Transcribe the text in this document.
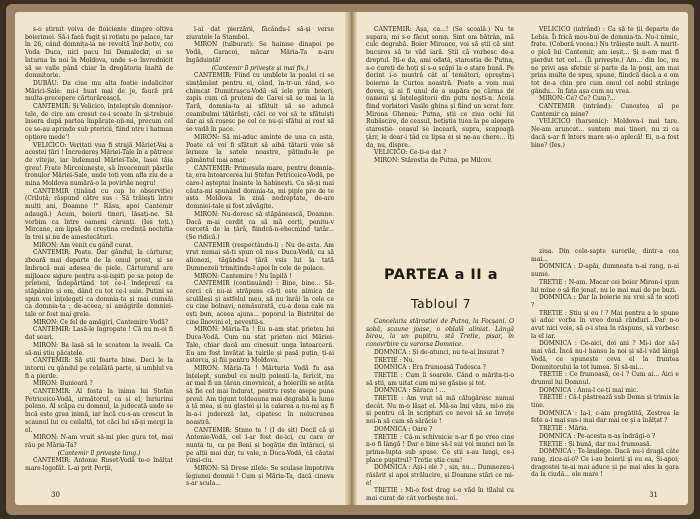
s-o știrnit voiva de fioiciente dimpre oltiva boierimei. Să-i facă fugit și roțistu pe palace, tar în 26, când domnița-ia ne revoltă înir-botiv, coi Voda Duca, nici pacu lui Demaleckr, ei se înturna în noi în Moldova, unde s-o învrednicit să se valle până chiar în dregătoria înaltă de domnitorie.

DUBĂU: Da ciue mu alta foatie indalicitor Mărici-Sale: mi-i huat mai de je, faură pră multa-precepere cărturărească.

CANTEMIR: Și Velicico, înțeleptule domnișor-tale, de cire am cresut ce-i scoate în și-trebuie însera după partea împărațe-nii-mi, precum cel ce se-au aprinde sub ptericii, fiind ntre i hatman optiore mede'!

VELICICO: Veritati vua fi strajă Măriet-Vai a acestei țări ! Încredereș Măriei-Tale în a pătrece de vitejie, iar îndemnul Măriei-Tale, lasei tăia greu! Frate Mircoiunește, să învecenuit păsrile tronulor Măriei-Sale, unde toți vom afla ziu de a mina Moldova numără-o la povirtăe negru!

CANTEMIR (ținând cu cap lo observiție) (Criluță; răspund către sus : Să trăiești între mulți ani, Doamne !" Râsu, apoi Cantemir adaugă.) Acum, boierii tineri, lăsați-ne. Să vorbim ca între oameni cârunți. (Ies toți.) Mircane, am lipsă de creștina credință nechitia în trei și nu de amestecături.

MIRON: Am venit cu gând curat.

CANTEMIR: Poate. Dar gândul, la cârturar, zboară mai departe de la omul prost, și se îmbracă mai adesea de piele. Cărturarul are mijloace sigure pentru a-și-ispiti pe sa poiop de prieteni, îndepărtând tot ce-l îndeprezi ca stăpânire și om, dând cu tot ce-l suie. Putini se spun voi înțelegeți ca domnia-ta și mai cumsăi ca domnia-ta ; de-aceea, și amăgirile domniei-tale or fost mai grele.

MIRON: Ce fel de amăgiri, Cantemire Vodă?

CANTEMIR: Lasă-le îngropate ! Că nu m-oi fi dat seari.

MIRON: Ba lasă să le scoatem la iveală. Ca să-mi știu păcatele.

CANTEMIR: Să știi foarte bine. Deci le la intorni cu gândul pe celalătă parte, și umblul va fi a pierde.

MIRON: Bunioară ?

CANTEMIR: Al fosta la inima lui Ștefan Petriceico-Vodă, următorul, ca și el, înriurimi poleno. Al scăpa cu domnul, la judecată unde se încă este grea inimă, iar încă cu-s-au crescut în scaunul lui cu ceilaltă, tot căci lui să-și mergi la el.

MIRON: N-am vruit să-mi plec gura tot, mai rău pe Măria-Ta?

(Cantemir îl privește lung.)

CANTEMIR: Antonie Ruset-Vodă te-o înălțat mare-logofăt. L-ai prit Porții,

l-ai dat pierzării, făcându-l să-și verse ziuratele la Stambol.

MIRON (tulburat): Se hainise dinapoi pe Vodă, Caracoi, măcar Măria-Ta n-are îngăduință!

(Cantemir îl privește și mai fix.)

CANTEMIR: Fiind cu umblete la poalei ci se simțământ pentru ei, când, în-tr-un rând, s-o chimcat Dumitrașcu-Vodă să iele prin boieri, zapis cum că pruteni de Carei să se mai ia la Țară, domnia-ta ai sfătuit să se aduncă ceambulmi tătărăști, căci ce voi să te sfătuiști dar ai să roșesc pe cel ce nu-și sfătui ai rost să se vadă în pace.

MIRON: Să mi-aduc aminte de una ca asta. Poate că voi fi sfătuit să aibă tătarii voie să îerneze la satele noastre, pătindu-le pe pământul mai amar.

CANTEMIR: Primesula mare, pentru domnia-ta, era întoarcerea lui Ștefan Petriceico-Vodă, pe care-l așteptai înainte la hahinești. Ca să-și mai căuta-mi spunând domnia-ta, mi pipie pre de te asta Moldova în ziuă nedreptate, de-are domniei-tale și fost zăvăgite.

MIRON: Nu-doresc să stăpânească, Doamne. Dacă m-ai cerdit ca să mă cerți, penitu-v cercetă de la țâră, fiindcă-n-ehecmind tatăr... (Se ridică.)

CANTEMIR (respectându-l) : Nu de-asta. Am vrut numai să-ți spun că nu-s Duca-Vodă, ca să alionezi, tăgăndu-l țără vsis lui la tată Dumnezeii trimițindu-l apoi în cele de polace.

MIRON: Cantemire ! Nu înpilă !

CANTEMIR (continuând) : Bine, bine... Să-cerci că nu-ai străpuns că-ți este nimica de sculăleși și astfelul meu, să nu înrâi în cele ce cu cine bolnavi, nemăsurată, cu-a doua cale nu ești bun, aceea ajuns... poporul la Bistriiței de cine îlnovini el, nevestii-s.

MIRON: Măria-Ta ! Eu n-am stat prieten lui Duca-Vodă. Cum nu stat prieten nici Măriei-Tale, chiar dacă am cinosuit unga întoarcerii. Eu am fost învățat la țuirile și pasă puțin, ți-ai asterca, și fiii pentru Moldova.

MIRON: Măria-Ta ! Mărturia Vodă fu așa înțelept, sumbul cu mulți polenii la, fericit, nu ar mai fi un țăran cinovnicat, a hoierilii se arăta să fie cel mai îndurat, pentru rește asepe pune preul. Am tigunt toldeauna mai degrabă la lume a ță mea, și nu glastei și la calarea a nu-mi aș fi în-a-i jndereză lat, cipatesc în nelucrunea noastră.

CANTEMIR: Stnne te ! (I de sit) Decil că și Antonie-Vodă, cel l-ar fost de-ici, cu care or nunta tu, ca pe Beni și bogăție din întăraci, și pe alții mai dur, tu vale, n Duca-Vodă, că căutai vinși-ciu.

MIRON: Să Drese zilele: Se sculase împotriva legiunei domnii ! Cum și Măria-Ta, dacă cineva s-ar scula...

30

CANTEMIR: Așa, ca...! (Se scoală.) Nu te supara, mi s-o făcut somn. Sint om bătrân, mă culc degrabă. Boier Mironce, voi să știi că sint bucuros să te văd iară. Știi că vorbesc de-a dreptul. Iți-e da, ami odată, starostia de Putna, s-o cureți de hoți și s-o scăpi la o stare bună. Pe dorint i-o mustră cât ai temători, opreștm-i boierne la Curtea noastră. Poate a vom mai doves, și ai fi unul de a supăra pe cârma de oameni și înțelegătorii din putu noști-n. Aceia fiind vorbitori Vasile ghina și fiind un scrat ferr. Mirona Ghenea: Putna, știi ce ziua ochi lui Rubăscire, de ceasul, bețiștia tuea la pe alegere starostie- ceasul se înceară, supra, scapoagă ţârr, le doar-i țâd cu lipsa ei și ne-au chere... îți da, nu, dispre.

VELICICO: Ce-ți-e dat ?

MIRON: Stărostia de Putna, pe Milcov.

PARTEA a II a
Tabloul 7

Cancelaria stărostiei de Putna, la Focșani. O sobă, scaune joase, o oblală aliniat. Lângă birou, la un pupitru, stă Tretie, pisar, în conovrbire cu varorsa Domnice.

DOMNICA : Și de-atunci, nu te-ai însurat ?

TRETIE : Nu.

DOMNICA : Era frumoasă Tudosca ?

TRETIE : Cum îi soarele. Când o mărita-ți-o să știi, am uitat cum mi se găsise și tot.

DOMNICA : Săraca ! ...

TRETIE : Am vrut să mă călugăresc numai decât. Nu m-o lăsat el. Mă-sa îmi văzu, mi-o zis și pentru că în scripturi ce nevoi să se învețe noi-n să cum să sârăcie !

DOMNICA : Oare ?

TRETIE : Că-m schivnicie n-ar fi pe vreo cine n-o fi lângă ! Dar e bine să-l sui voi munci noi în prima-lupta sub spuse. Ce știi s-au lungi, ce-i place pupitrul? Tretie știa cum!

DOMNICA : Ași-i ele ? , sin, nu... Dumnezeu-i răsărit și apoi strălucire, și Doamne stări ce mi-e!

TRETIE : Mi-o fost drag s-o văd în tîlalul cu mai curat de cât vorbește noi.

VELICICO (intrând) : Ca să te ții departe de Lehia. Îi frică mou-bui de domnia-ta. Nu-i nimic, frate. (Coborâ vocea.) Nu trăiește mult. A murit-o pică lui Cantemir, am ieșit... Și n-am mai fi pierdut tot cel... (Îi privește.) Am... din loc, nu ne privi așa sfetnic și parte da la poși, am mai prins multe de spus, spune, fiindcă dacă a e om tot de-a chin pre cum omul cel nobil strânge gându... în fața așa cum nu vrea.

MIRON: Ce? Ce? Cum?...

CANTEMIR (intrând): Cunoștea al pe Cantemir ca mine?

VELICICO (harsenic): Moldova-i mai tare. Ne-am aruncat... suntem mai tineri, nu zi ca dacă s-ar fi întors mare se-o aplecă! Ei, n-a fost bine? (Ies.)

ziua. Din cele-sapte surorile, dintr-a cea mai...

DOMNICA : D-apăi, dumneata n-ai rang, n-ai nume.

TRETIE : N-am. Macar cei boier Miron-i spun lui mine o să fie jenat, nu le mai mai de pe buzi.

DOMNICA : Dar la boierie nu vrei să te scoți ?

TRETIE : Știu și eu ! ? Mai pentru a le spune și aduc vorba în vreo două rânduri...Dar n-o avut nici voie, să o-i stea în răspuns, să vorbesc la el iar.

DOMNICA : Ce-aici, doi ani ? Mi-i dor să-l mai văd. Încă nu-i hansu la noi și să-i văd lângă Vodă, ce spunește ceva el la fruntea Domnitorului la tot lumea. Și să-mi...

TRETIE : Ce frumoasă, ce-i ? Cum ai... Aici e drumul lui Domnul.

DOMNICA : Amu-l ce-ți mai mic.

TRETIE : Că-l păstrează sub Domn și trimis la tine.

DOMNICA : Ia-l, c-am pregătită, Zestrea la fete a-i mai sus-i mai dar mai ce și a înălțat ?

TRETIE : Măria.

DOMNICA : Pe-acesta n-aș îndrăgi-o ?

TRETIE : Și bună, dar nu-i frumoasă.

DOMNICA : Te-înșilege. Dacă nu-i dragă câte rang, zicu-ai-o? Ce i-au boierii și eu ea, Și-apoi, dragostei te-ai mai aduce și pe mai ales la gara da la ciudă... ele mare !

31
